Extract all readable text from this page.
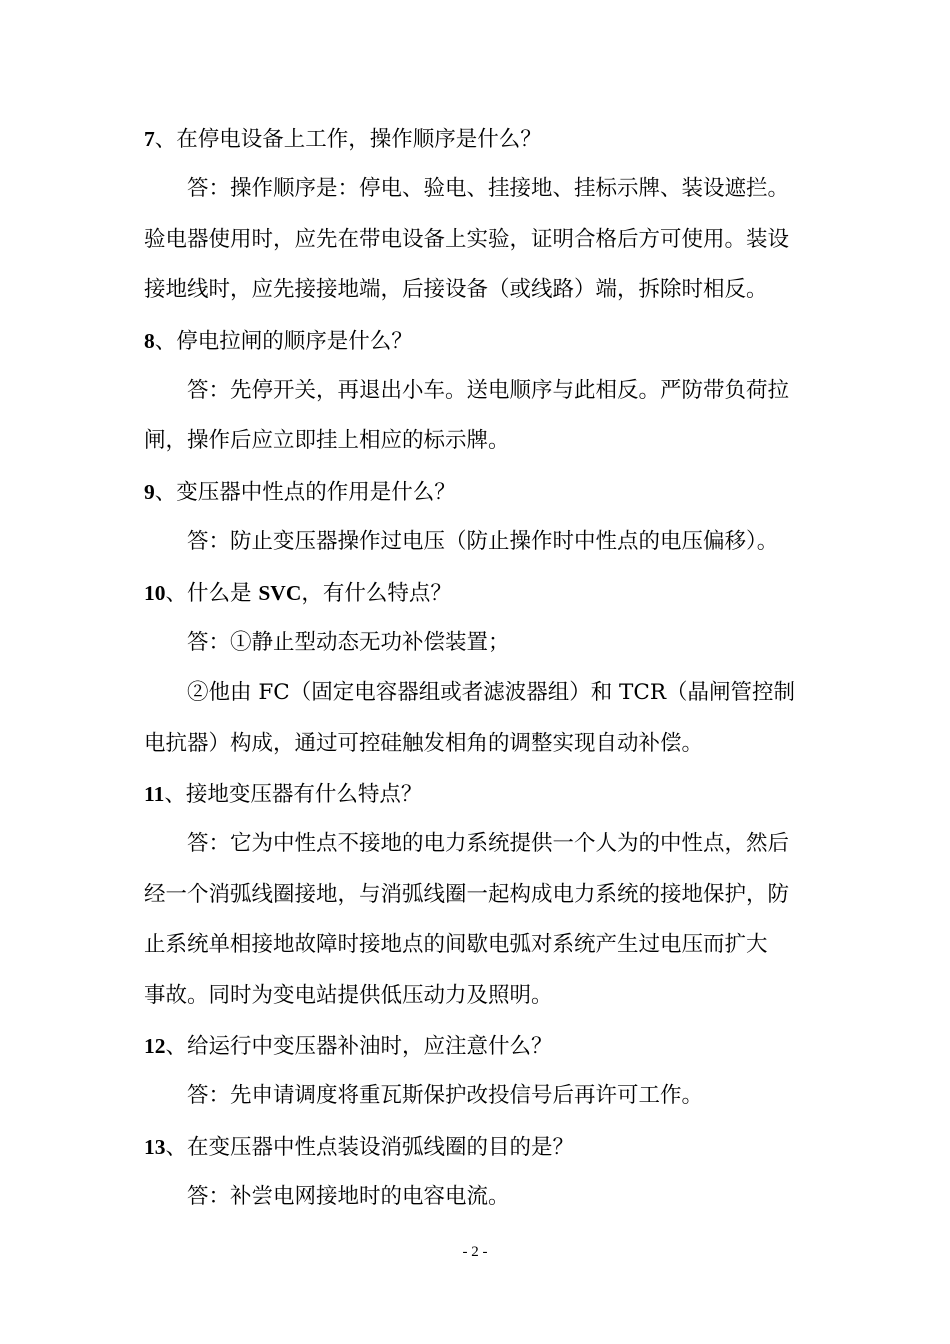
7、在停电设备上工作，操作顺序是什么？
答：操作顺序是：停电、验电、挂接地、挂标示牌、装设遮拦。
验电器使用时，应先在带电设备上实验，证明合格后方可使用。装设
接地线时，应先接接地端，后接设备（或线路）端，拆除时相反。
8、停电拉闸的顺序是什么？
答：先停开关，再退出小车。送电顺序与此相反。严防带负荷拉
闸，操作后应立即挂上相应的标示牌。
9、变压器中性点的作用是什么？
答：防止变压器操作过电压（防止操作时中性点的电压偏移）。
10、什么是 SVC，有什么特点？
答：①静止型动态无功补偿装置；
②他由 FC（固定电容器组或者滤波器组）和 TCR（晶闸管控制
电抗器）构成，通过可控硅触发相角的调整实现自动补偿。
11、接地变压器有什么特点？
答：它为中性点不接地的电力系统提供一个人为的中性点，然后
经一个消弧线圈接地，与消弧线圈一起构成电力系统的接地保护，防
止系统单相接地故障时接地点的间歇电弧对系统产生过电压而扩大
事故。同时为变电站提供低压动力及照明。
12、给运行中变压器补油时，应注意什么？
答：先申请调度将重瓦斯保护改投信号后再许可工作。
13、在变压器中性点装设消弧线圈的目的是？
答：补尝电网接地时的电容电流。
- 2 -
